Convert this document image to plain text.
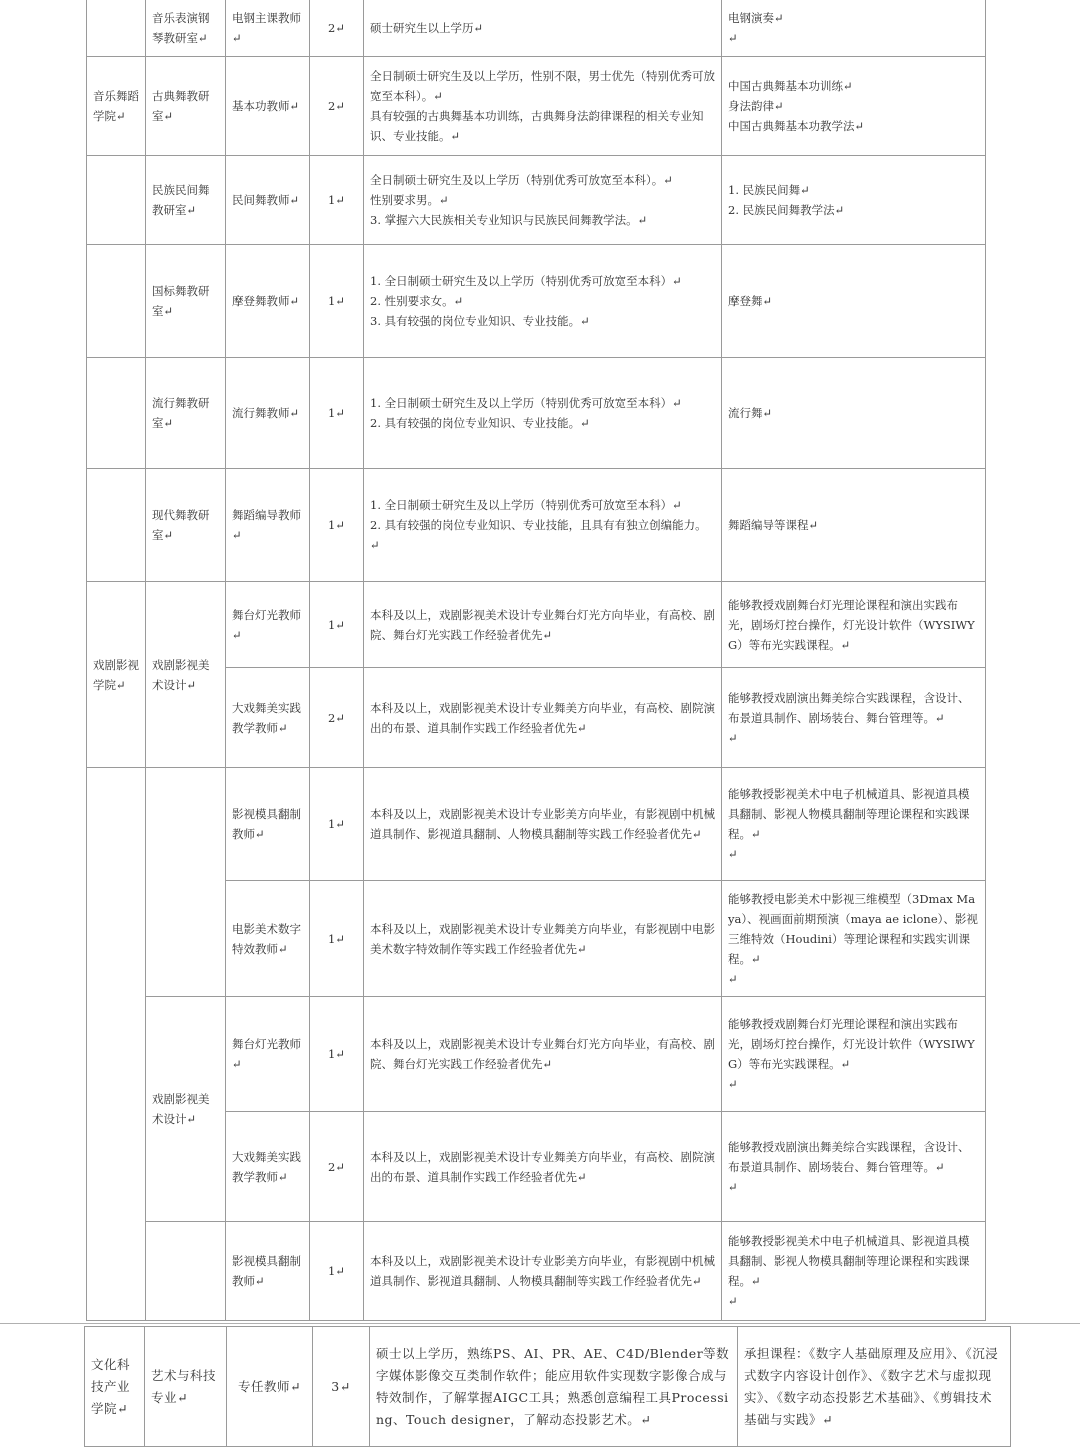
	音乐表演钢琴教研室↵	电钢主课教师↵	2↵	硕士研究生以上学历↵	电钢演奏↵
↵

音乐舞蹈学院↵	古典舞教研室↵	基本功教师↵	2↵	全日制硕士研究生及以上学历，性别不限，男士优先（特别优秀可放宽至本科）。↵
具有较强的古典舞基本功训练，古典舞身法韵律课程的相关专业知识、专业技能。↵	中国古典舞基本功训练↵
身法韵律↵
中国古典舞基本功教学法↵

	民族民间舞教研室↵	民间舞教师↵	1↵	全日制硕士研究生及以上学历（特别优秀可放宽至本科）。↵
性别要求男。↵
3. 掌握六大民族相关专业知识与民族民间舞教学法。↵	1. 民族民间舞↵
2. 民族民间舞教学法↵

	国标舞教研室↵	摩登舞教师↵	1↵	1. 全日制硕士研究生及以上学历（特别优秀可放宽至本科）↵
2. 性别要求女。↵
3. 具有较强的岗位专业知识、专业技能。↵	摩登舞↵
	流行舞教研室↵	流行舞教师↵	1↵	1. 全日制硕士研究生及以上学历（特别优秀可放宽至本科）↵
2. 具有较强的岗位专业知识、专业技能。↵	流行舞↵
	现代舞教研室↵	舞蹈编导教师↵	1↵	1. 全日制硕士研究生及以上学历（特别优秀可放宽至本科）↵
2. 具有较强的岗位专业知识、专业技能，且具有有独立创编能力。↵	舞蹈编导等课程↵
戏剧影视学院↵	戏剧影视美术设计↵	舞台灯光教师↵	1↵	本科及以上，戏剧影视美术设计专业舞台灯光方向毕业，有高校、剧院、舞台灯光实践工作经验者优先↵	能够教授戏剧舞台灯光理论课程和演出实践布光，剧场灯控台操作，灯光设计软件（WYSIWYG）等布光实践课程。↵
		大戏舞美实践教学教师↵	2↵	本科及以上，戏剧影视美术设计专业舞美方向毕业，有高校、剧院演出的布景、道具制作实践工作经验者优先↵	能够教授戏剧演出舞美综合实践课程，含设计、布景道具制作、剧场装台、舞台管理等。↵
↵

		影视模具翻制教师↵	1↵	本科及以上，戏剧影视美术设计专业影美方向毕业，有影视剧中机械道具制作、影视道具翻制、人物模具翻制等实践工作经验者优先↵	能够教授影视美术中电子机械道具、影视道具模具翻制、影视人物模具翻制等理论课程和实践课程。↵
↵

		电影美术数字特效教师↵	1↵	本科及以上，戏剧影视美术设计专业舞美方向毕业，有影视剧中电影美术数字特效制作等实践工作经验者优先↵	能够教授电影美术中影视三维模型（3Dmax Maya）、视画面前期预演（maya ae iclone）、影视三维特效（Houdini）等理论课程和实践实训课程。↵
↵

	戏剧影视美术设计↵	舞台灯光教师↵	1↵	本科及以上，戏剧影视美术设计专业舞台灯光方向毕业，有高校、剧院、舞台灯光实践工作经验者优先↵	能够教授戏剧舞台灯光理论课程和演出实践布光，剧场灯控台操作，灯光设计软件（WYSIWYG）等布光实践课程。↵
↵

		大戏舞美实践教学教师↵	2↵	本科及以上，戏剧影视美术设计专业舞美方向毕业，有高校、剧院演出的布景、道具制作实践工作经验者优先↵	能够教授戏剧演出舞美综合实践课程，含设计、布景道具制作、剧场装台、舞台管理等。↵
↵

		影视模具翻制教师↵	1↵	本科及以上，戏剧影视美术设计专业影美方向毕业，有影视剧中机械道具制作、影视道具翻制、人物模具翻制等实践工作经验者优先↵	能够教授影视美术中电子机械道具、影视道具模具翻制、影视人物模具翻制等理论课程和实践课程。↵
↵
文化科技产业学院↵	艺术与科技专业↵	专任教师↵	3↵	硕士以上学历，熟练PS、AI、PR、AE、C4D/Blender等数字媒体影像交互类制作软件；能应用软件实现数字影像合成与特效制作，了解掌握AIGC工具；熟悉创意编程工具Processing、Touch designer，了解动态投影艺术。↵	承担课程：《数字人基础原理及应用》、《沉浸式数字内容设计创作》、《数字艺术与虚拟现实》、《数字动态投影艺术基础》、《剪辑技术基础与实践》↵
